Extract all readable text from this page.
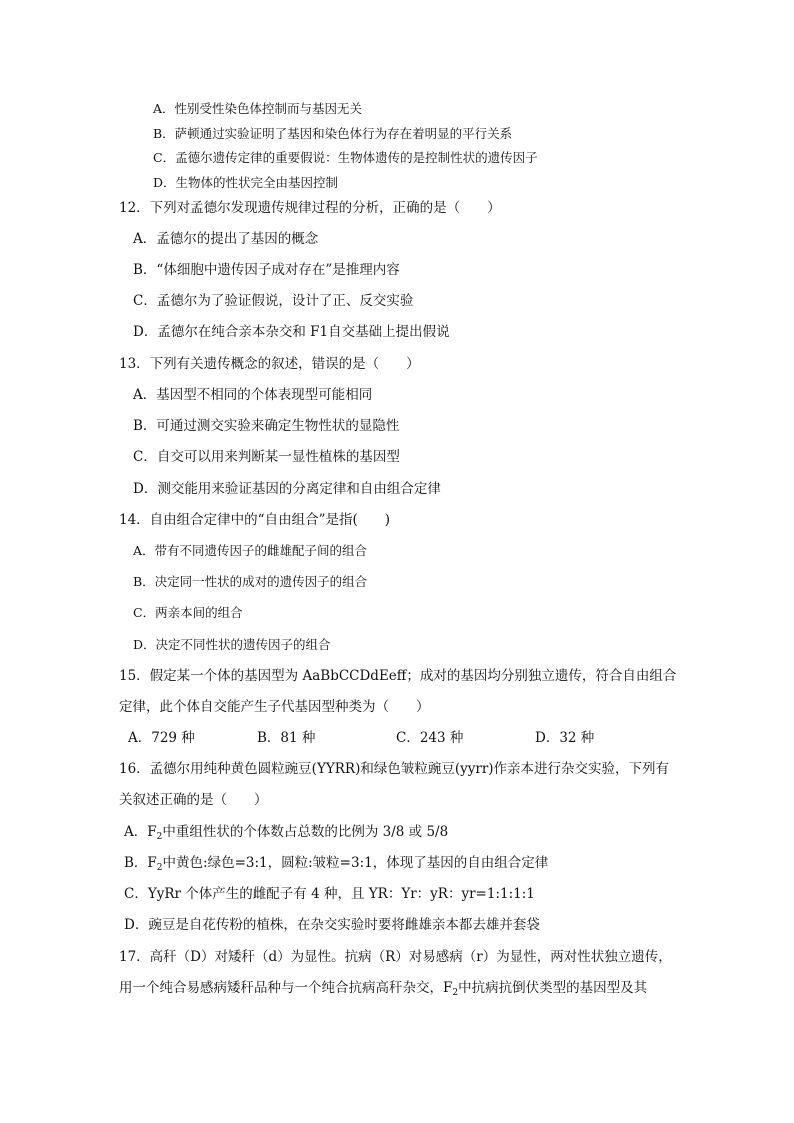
A．性别受性染色体控制而与基因无关
B．萨顿通过实验证明了基因和染色体行为存在着明显的平行关系
C．孟德尔遗传定律的重要假说：生物体遗传的是控制性状的遗传因子
D．生物体的性状完全由基因控制
12．下列对孟德尔发现遗传规律过程的分析，正确的是（　　）
A．孟德尔的提出了基因的概念
B．“体细胞中遗传因子成对存在”是推理内容
C．孟德尔为了验证假说，设计了正、反交实验
D．孟德尔在纯合亲本杂交和 F1自交基础上提出假说
13．下列有关遗传概念的叙述，错误的是（　　）
A．基因型不相同的个体表现型可能相同
B．可通过测交实验来确定生物性状的显隐性
C．自交可以用来判断某一显性植株的基因型
D．测交能用来验证基因的分离定律和自由组合定律
14．自由组合定律中的“自由组合”是指(　　)
A．带有不同遗传因子的雌雄配子间的组合
B．决定同一性状的成对的遗传因子的组合
C．两亲本间的组合
D．决定不同性状的遗传因子的组合
15．假定某一个体的基因型为 AaBbCCDdEeff；成对的基因均分别独立遗传，符合自由组合
定律，此个体自交能产生子代基因型种类为（　　）
A．729 种	B．81 种	C．243 种	D．32 种
16．孟德尔用纯种黄色圆粒豌豆(YYRR)和绿色皱粒豌豆(yyrr)作亲本进行杂交实验，下列有
关叙述正确的是（　　）
A．$F_2$中重组性状的个体数占总数的比例为 3/8 或 5/8
B．$F_2$中黄色:绿色=3:1，圆粒:皱粒=3:1，体现了基因的自由组合定律
C．YyRr 个体产生的雌配子有 4 种，且 YR：Yr：yR：yr=1:1:1:1
D．豌豆是自花传粉的植株，在杂交实验时要将雌雄亲本都去雄并套袋
17．高秆（D）对矮秆（d）为显性。抗病（R）对易感病（r）为显性，两对性状独立遗传，
用一个纯合易感病矮秆品种与一个纯合抗病高秆杂交，$F_2$中抗病抗倒伏类型的基因型及其
